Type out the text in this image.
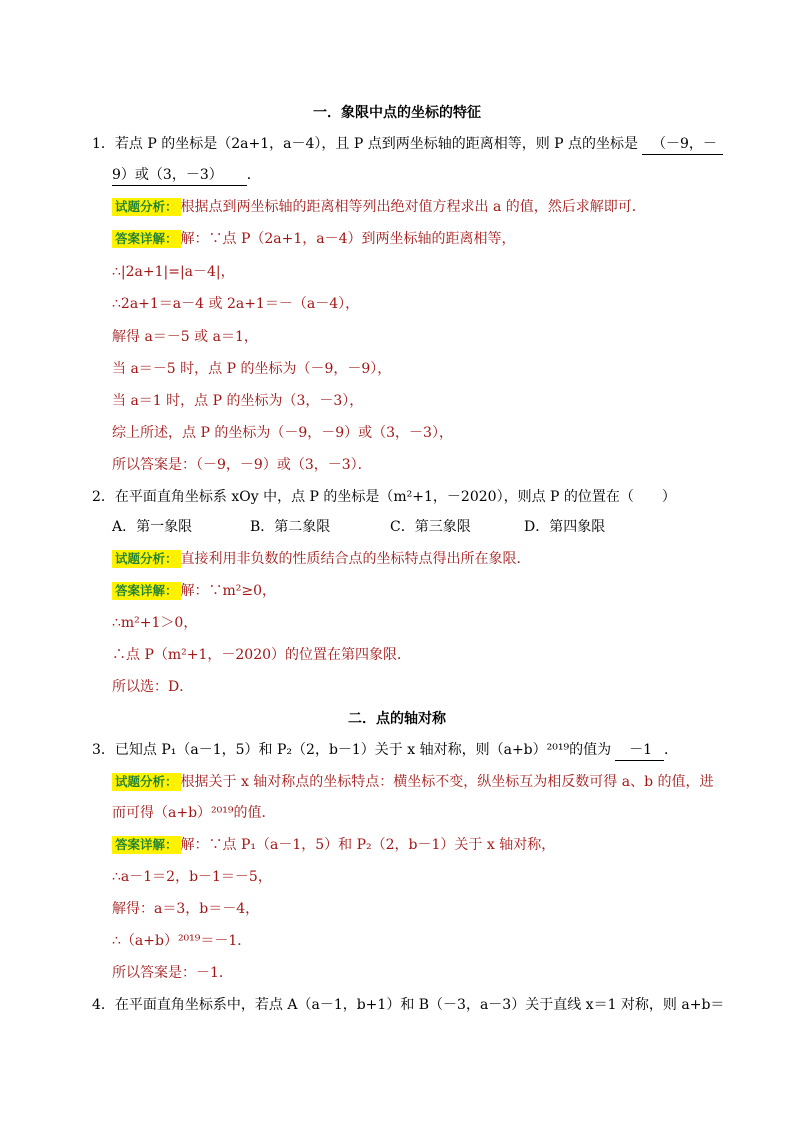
一．象限中点的坐标的特征
1．若点 P 的坐标是（2a+1，a－4），且 P 点到两坐标轴的距离相等，则 P 点的坐标是 （－9，－
9）或（3，－3） ．
试题分析： 根据点到两坐标轴的距离相等列出绝对值方程求出 a 的值，然后求解即可．
答案详解： 解：∵点 P（2a+1，a－4）到两坐标轴的距离相等，
∴|2a+1|=|a－4|，
∴2a+1＝a－4 或 2a+1＝－（a－4），
解得 a＝－5 或 a＝1，
当 a＝－5 时，点 P 的坐标为（－9，－9），
当 a＝1 时，点 P 的坐标为（3，－3），
综上所述，点 P 的坐标为（－9，－9）或（3，－3），
所以答案是：（－9，－9）或（3，－3）．
2．在平面直角坐标系 xOy 中，点 P 的坐标是（m²+1，－2020），则点 P 的位置在（　　）
A．第一象限	B．第二象限	C．第三象限	D．第四象限
试题分析： 直接利用非负数的性质结合点的坐标特点得出所在象限．
答案详解： 解：∵m²≥0，
∴m²+1＞0，
∴点 P（m²+1，－2020）的位置在第四象限．
所以选：D．
二．点的轴对称
3．已知点 P₁（a－1，5）和 P₂（2，b－1）关于 x 轴对称，则（a+b）²⁰¹⁹的值为 －1 ．
试题分析： 根据关于 x 轴对称点的坐标特点：横坐标不变，纵坐标互为相反数可得 a、b 的值，进
而可得（a+b）²⁰¹⁹的值．
答案详解： 解：∵点 P₁（a－1，5）和 P₂（2，b－1）关于 x 轴对称，
∴a－1＝2，b－1＝－5，
解得：a＝3，b＝－4，
∴（a+b）²⁰¹⁹＝－1．
所以答案是：－1．
4．在平面直角坐标系中，若点 A（a－1，b+1）和 B（－3，a－3）关于直线 x＝1 对称，则 a+b＝
